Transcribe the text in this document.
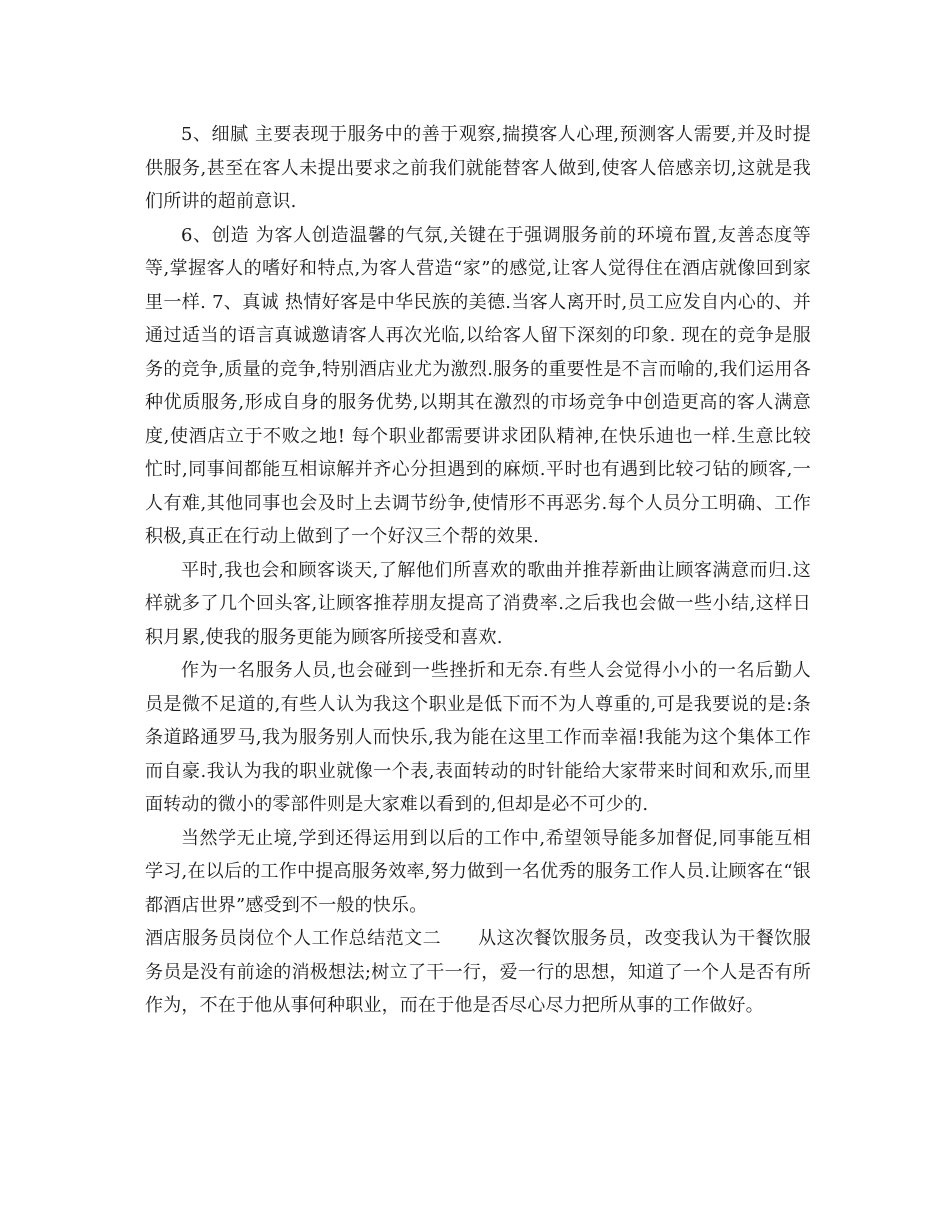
5、细腻 主要表现于服务中的善于观察,揣摸客人心理,预测客人需要,并及时提供服务,甚至在客人未提出要求之前我们就能替客人做到,使客人倍感亲切,这就是我们所讲的超前意识.

6、创造 为客人创造温馨的气氛,关键在于强调服务前的环境布置,友善态度等等,掌握客人的嗜好和特点,为客人营造“家”的感觉,让客人觉得住在酒店就像回到家里一样. 7、真诚 热情好客是中华民族的美德.当客人离开时,员工应发自内心的、并通过适当的语言真诚邀请客人再次光临,以给客人留下深刻的印象. 现在的竞争是服务的竞争,质量的竞争,特别酒店业尤为激烈.服务的重要性是不言而喻的,我们运用各种优质服务,形成自身的服务优势,以期其在激烈的市场竞争中创造更高的客人满意度,使酒店立于不败之地! 每个职业都需要讲求团队精神,在快乐迪也一样.生意比较忙时,同事间都能互相谅解并齐心分担遇到的麻烦.平时也有遇到比较刁钻的顾客,一人有难,其他同事也会及时上去调节纷争,使情形不再恶劣.每个人员分工明确、工作积极,真正在行动上做到了一个好汉三个帮的效果.

平时,我也会和顾客谈天,了解他们所喜欢的歌曲并推荐新曲让顾客满意而归.这样就多了几个回头客,让顾客推荐朋友提高了消费率.之后我也会做一些小结,这样日积月累,使我的服务更能为顾客所接受和喜欢.

作为一名服务人员,也会碰到一些挫折和无奈.有些人会觉得小小的一名后勤人员是微不足道的,有些人认为我这个职业是低下而不为人尊重的,可是我要说的是:条条道路通罗马,我为服务别人而快乐,我为能在这里工作而幸福!我能为这个集体工作而自豪.我认为我的职业就像一个表,表面转动的时针能给大家带来时间和欢乐,而里面转动的微小的零部件则是大家难以看到的,但却是必不可少的.

当然学无止境,学到还得运用到以后的工作中,希望领导能多加督促,同事能互相学习,在以后的工作中提高服务效率,努力做到一名优秀的服务工作人员.让顾客在“银都酒店世界”感受到不一般的快乐。

酒店服务员岗位个人工作总结范文二　　从这次餐饮服务员，改变我认为干餐饮服务员是没有前途的消极想法;树立了干一行，爱一行的思想，知道了一个人是否有所作为，不在于他从事何种职业，而在于他是否尽心尽力把所从事的工作做好。
